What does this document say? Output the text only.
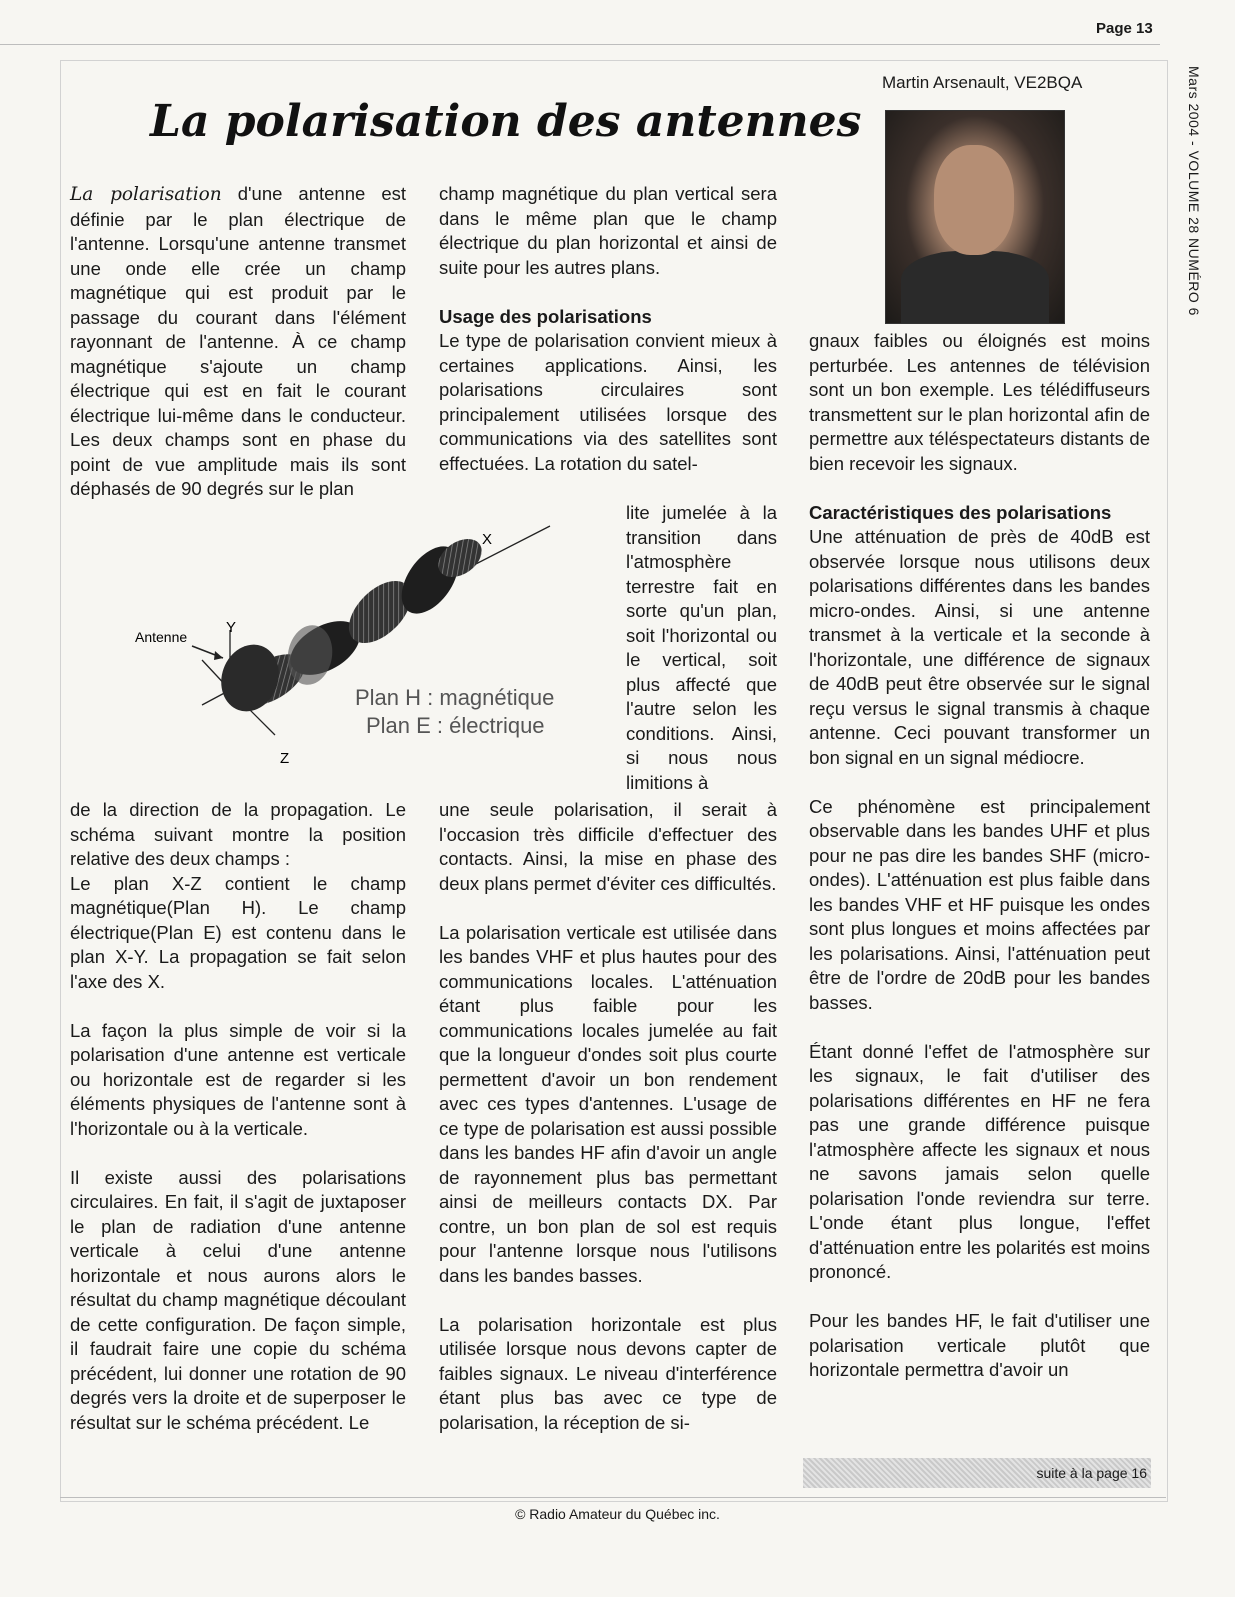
Page 13
Mars 2004 - VOLUME 28 NUMÉRO 6
La polarisation des antennes
Martin Arsenault, VE2BQA

La polarisation d'une antenne est définie par le plan électrique de l'antenne. Lorsqu'une antenne transmet une onde elle crée un champ magnétique qui est produit par le passage du courant dans l'élément rayonnant de l'antenne. À ce champ magnétique s'ajoute un champ électrique qui est en fait le courant électrique lui-même dans le conducteur. Les deux champs sont en phase du point de vue amplitude mais ils sont déphasés de 90 degrés sur le plan

Antenne
X
Y
Z
Plan H : magnétique
Plan E : électrique

de la direction de la propagation. Le schéma suivant montre la position relative des deux champs :

Le plan X-Z contient le champ magnétique(Plan H). Le champ électrique(Plan E) est contenu dans le plan X-Y. La propagation se fait selon l'axe des X.

La façon la plus simple de voir si la polarisation d'une antenne est verticale ou horizontale est de regarder si les éléments physiques de l'antenne sont à l'horizontale ou à la verticale.

Il existe aussi des polarisations circulaires. En fait, il s'agit de juxtaposer le plan de radiation d'une antenne verticale à celui d'une antenne horizontale et nous aurons alors le résultat du champ magnétique découlant de cette configuration. De façon simple, il faudrait faire une copie du schéma précédent, lui donner une rotation de 90 degrés vers la droite et de superposer le résultat sur le schéma précédent. Le

champ magnétique du plan vertical sera dans le même plan que le champ électrique du plan horizontal et ainsi de suite pour les autres plans.

Usage des polarisations

Le type de polarisation convient mieux à certaines applications. Ainsi, les polarisations circulaires sont principalement utilisées lorsque des communications via des satellites sont effectuées. La rotation du satel-

lite jumelée à la transition dans l'atmosphère terrestre fait en sorte qu'un plan, soit l'horizontal ou le vertical, soit plus affecté que l'autre selon les conditions. Ainsi, si nous nous limitions à

une seule polarisation, il serait à l'occasion très difficile d'effectuer des contacts. Ainsi, la mise en phase des deux plans permet d'éviter ces difficultés.

La polarisation verticale est utilisée dans les bandes VHF et plus hautes pour des communications locales. L'atténuation étant plus faible pour les communications locales jumelée au fait que la longueur d'ondes soit plus courte permettent d'avoir un bon rendement avec ces types d'antennes. L'usage de ce type de polarisation est aussi possible dans les bandes HF afin d'avoir un angle de rayonnement plus bas permettant ainsi de meilleurs contacts DX. Par contre, un bon plan de sol est requis pour l'antenne lorsque nous l'utilisons dans les bandes basses.

La polarisation horizontale est plus utilisée lorsque nous devons capter de faibles signaux. Le niveau d'interférence étant plus bas avec ce type de polarisation, la réception de si-

gnaux faibles ou éloignés est moins perturbée. Les antennes de télévision sont un bon exemple. Les télédiffuseurs transmettent sur le plan horizontal afin de permettre aux téléspectateurs distants de bien recevoir les signaux.

Caractéristiques des polarisations

Une atténuation de près de 40dB est observée lorsque nous utilisons deux polarisations différentes dans les bandes micro-ondes. Ainsi, si une antenne transmet à la verticale et la seconde à l'horizontale, une différence de signaux de 40dB peut être observée sur le signal reçu versus le signal transmis à chaque antenne. Ceci pouvant transformer un bon signal en un signal médiocre.

Ce phénomène est principalement observable dans les bandes UHF et plus pour ne pas dire les bandes SHF (micro-ondes). L'atténuation est plus faible dans les bandes VHF et HF puisque les ondes sont plus longues et moins affectées par les polarisations. Ainsi, l'atténuation peut être de l'ordre de 20dB pour les bandes basses.

Étant donné l'effet de l'atmosphère sur les signaux, le fait d'utiliser des polarisations différentes en HF ne fera pas une grande différence puisque l'atmosphère affecte les signaux et nous ne savons jamais selon quelle polarisation l'onde reviendra sur terre. L'onde étant plus longue, l'effet d'atténuation entre les polarités est moins prononcé.

Pour les bandes HF, le fait d'utiliser une polarisation verticale plutôt que horizontale permettra d'avoir un

suite à la page 16
© Radio Amateur du Québec inc.
